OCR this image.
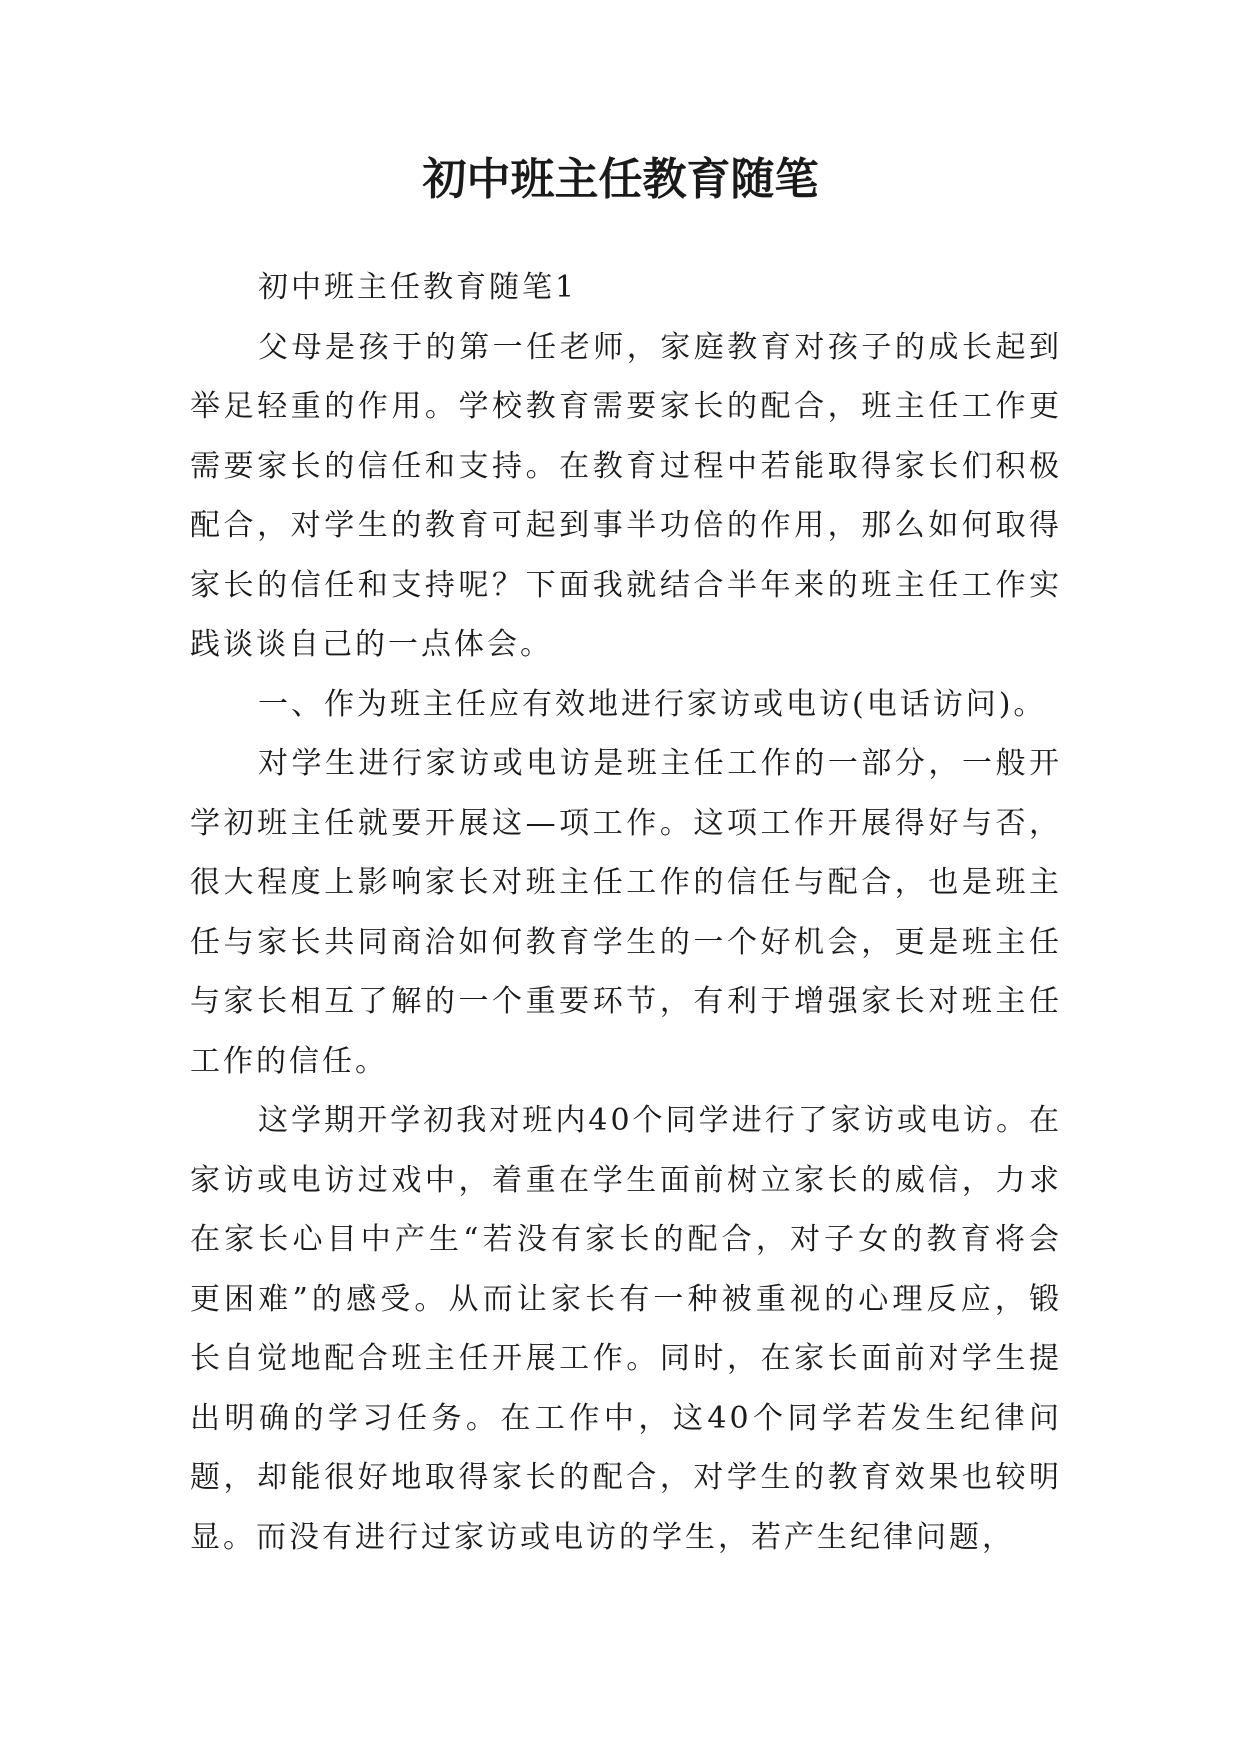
初中班主任教育随笔

初中班主任教育随笔1

父母是孩于的第一任老师，家庭教育对孩子的成长起到举足轻重的作用。学校教育需要家长的配合，班主任工作更需要家长的信任和支持。在教育过程中若能取得家长们积极配合，对学生的教育可起到事半功倍的作用，那么如何取得家长的信任和支持呢？下面我就结合半年来的班主任工作实践谈谈自己的一点体会。

一、作为班主任应有效地进行家访或电访(电话访问)。

对学生进行家访或电访是班主任工作的一部分，一般开学初班主任就要开展这—项工作。这项工作开展得好与否，很大程度上影响家长对班主任工作的信任与配合，也是班主任与家长共同商洽如何教育学生的一个好机会，更是班主任与家长相互了解的一个重要环节，有利于增强家长对班主任工作的信任。

这学期开学初我对班内40个同学进行了家访或电访。在家访或电访过戏中，着重在学生面前树立家长的威信，力求在家长心目中产生“若没有家长的配合，对子女的教育将会更困难”的感受。从而让家长有一种被重视的心理反应，锻长自觉地配合班主任开展工作。同时，在家长面前对学生提出明确的学习任务。在工作中，这40个同学若发生纪律问题，却能很好地取得家长的配合，对学生的教育效果也较明显。而没有进行过家访或电访的学生，若产生纪律问题，
